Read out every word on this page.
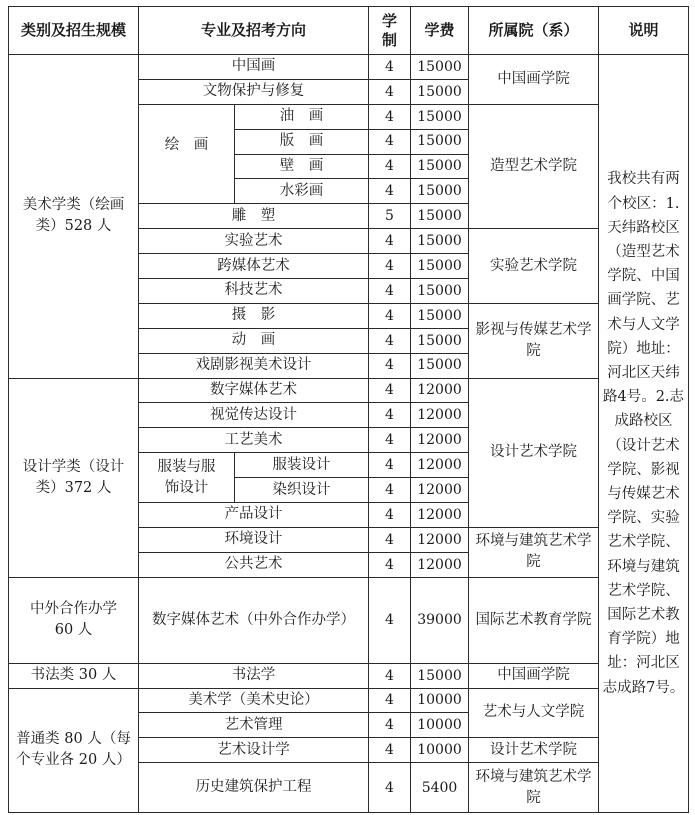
类别及招生规模	专业及招考方向		学制	学费	所属院（系）	说明
美术学类（绘画类）528 人	中国画		4	15000	中国画学院	我校共有两个校区：1.天纬路校区（造型艺术学院、中国画学院、艺术与人文学院）地址：河北区天纬路4号。2.志成路校区（设计艺术学院、影视与传媒艺术学院、实验艺术学院、环境与建筑艺术学院、国际艺术教育学院）地址：河北区志成路7号。
	文物保护与修复		4	15000		
	绘　画	油　画	4	15000	造型艺术学院	
		版　画	4	15000		
		壁　画	4	15000		
		水彩画	4	15000		
	雕　塑		5	15000		
	实验艺术		4	15000	实验艺术学院	
	跨媒体艺术		4	15000		
	科技艺术		4	15000		
	摄　影		4	15000	影视与传媒艺术学院	
	动　画		4	15000		
	戏剧影视美术设计		4	15000		
设计学类（设计类）372 人	数字媒体艺术		4	12000	设计艺术学院	
	视觉传达设计		4	12000		
	工艺美术		4	12000		
	服装与服饰设计	服装设计	4	12000		
		染织设计	4	12000		
	产品设计		4	12000		
	环境设计		4	12000	环境与建筑艺术学院	
	公共艺术		4	12000		
中外合作办学 60 人	数字媒体艺术（中外合作办学）		4	39000	国际艺术教育学院	
书法类 30 人	书法学		4	15000	中国画学院	
普通类 80 人（每个专业各 20 人）	美术学（美术史论）		4	10000	艺术与人文学院	
	艺术管理		4	10000		
	艺术设计学		4	10000	设计艺术学院	
	历史建筑保护工程		4	5400	环境与建筑艺术学院	
